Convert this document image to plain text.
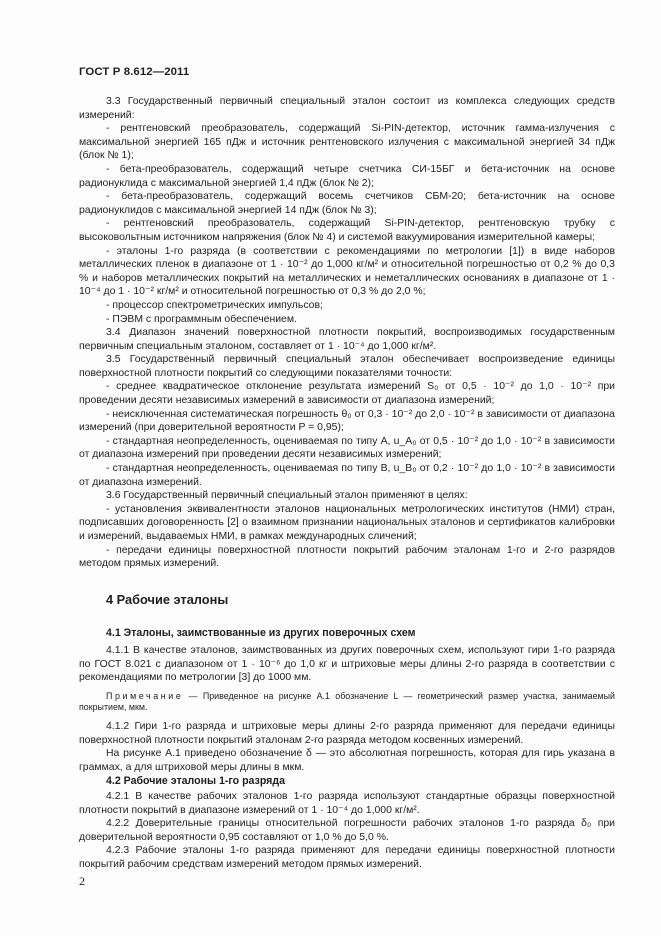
ГОСТ Р 8.612—2011

3.3 Государственный первичный специальный эталон состоит из комплекса следующих средств измерений:

- рентгеновский преобразователь, содержащий Si-PIN-детектор, источник гамма-излучения с максимальной энергией 165 пДж и источник рентгеновского излучения с максимальной энергией 34 пДж (блок № 1);

- бета-преобразователь, содержащий четыре счетчика СИ-15БГ и бета-источник на основе радионуклида с максимальной энергией 1,4 пДж (блок № 2);

- бета-преобразователь, содержащий восемь счетчиков СБМ-20; бета-источник на основе радионуклидов с максимальной энергией 14 пДж (блок № 3);

- рентгеновский преобразователь, содержащий Si-PIN-детектор, рентгеновскую трубку с высоковольтным источником напряжения (блок № 4) и системой вакуумирования измерительной камеры;

- эталоны 1-го разряда (в соответствии с рекомендациями по метрологии [1]) в виде наборов металлических пленок в диапазоне от 1 · 10⁻² до 1,000 кг/м² и относительной погрешностью от 0,2 % до 0,3 % и наборов металлических покрытий на металлических и неметаллических основаниях в диапазоне от 1 · 10⁻⁴ до 1 · 10⁻² кг/м² и относительной погрешностью от 0,3 % до 2,0 %;

- процессор спектрометрических импульсов;

- ПЭВМ с программным обеспечением.

3.4 Диапазон значений поверхностной плотности покрытий, воспроизводимых государственным первичным специальным эталоном, составляет от 1 · 10⁻⁴ до 1,000 кг/м².

3.5 Государственный первичный специальный эталон обеспечивает воспроизведение единицы поверхностной плотности покрытий со следующими показателями точности:

- среднее квадратическое отклонение результата измерений S₀ от 0,5 · 10⁻² до 1,0 · 10⁻² при проведении десяти независимых измерений в зависимости от диапазона измерений;

- неисключенная систематическая погрешность θ₀ от 0,3 · 10⁻² до 2,0 · 10⁻² в зависимости от диапазона измерений (при доверительной вероятности P = 0,95);

- стандартная неопределенность, оцениваемая по типу А, u_A₀ от 0,5 · 10⁻² до 1,0 · 10⁻² в зависимости от диапазона измерений при проведении десяти независимых измерений;

- стандартная неопределенность, оцениваемая по типу В, u_B₀ от 0,2 · 10⁻² до 1,0 · 10⁻² в зависимости от диапазона измерений.

3.6 Государственный первичный специальный эталон применяют в целях:

- установления эквивалентности эталонов национальных метрологических институтов (НМИ) стран, подписавших договоренность [2] о взаимном признании национальных эталонов и сертификатов калибровки и измерений, выдаваемых НМИ, в рамках международных сличений;

- передачи единицы поверхностной плотности покрытий рабочим эталонам 1-го и 2-го разрядов методом прямых измерений.

4 Рабочие эталоны
4.1 Эталоны, заимствованные из других поверочных схем

4.1.1 В качестве эталонов, заимствованных из других поверочных схем, используют гири 1-го разряда по ГОСТ 8.021 с диапазоном от 1 · 10⁻⁶ до 1,0 кг и штриховые меры длины 2-го разряда в соответствии с рекомендациями по метрологии [3] до 1000 мм.

Примечание — Приведенное на рисунке А.1 обозначение L — геометрический размер участка, занимаемый покрытием, мкм.

4.1.2 Гири 1-го разряда и штриховые меры длины 2-го разряда применяют для передачи единицы поверхностной плотности покрытий эталонам 2-го разряда методом косвенных измерений.

На рисунке А.1 приведено обозначение δ — это абсолютная погрешность, которая для гирь указана в граммах, а для штриховой меры длины в мкм.

4.2 Рабочие эталоны 1-го разряда

4.2.1 В качестве рабочих эталонов 1-го разряда используют стандартные образцы поверхностной плотности покрытий в диапазоне измерений от 1 · 10⁻⁴ до 1,000 кг/м².

4.2.2 Доверительные границы относительной погрешности рабочих эталонов 1-го разряда δ₀ при доверительной вероятности 0,95 составляют от 1,0 % до 5,0 %.

4.2.3 Рабочие эталоны 1-го разряда применяют для передачи единицы поверхностной плотности покрытий рабочим средствам измерений методом прямых измерений.

2
